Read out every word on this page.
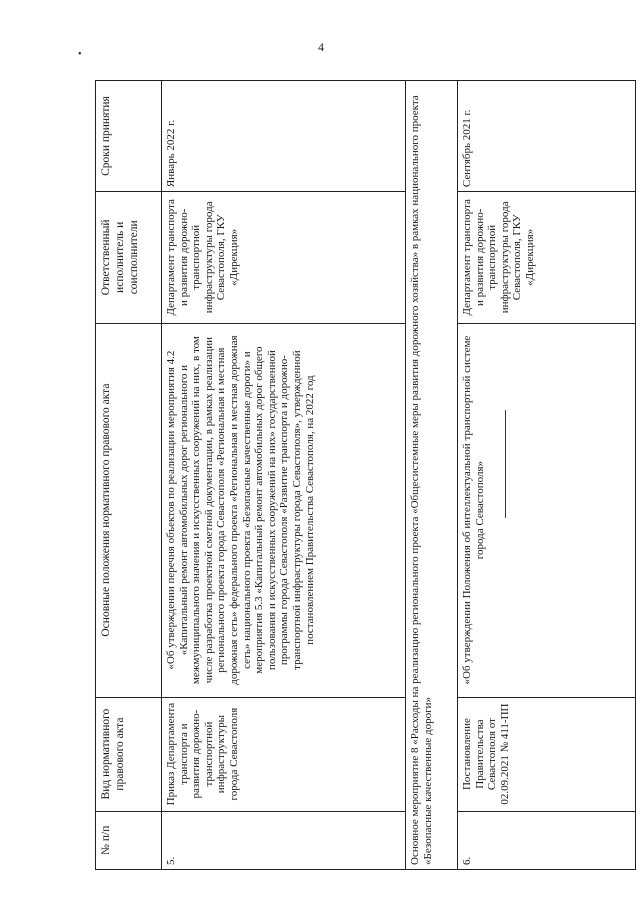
4
•
№ п/п	Вид нормативного правового акта	Основные положения нормативного правового акта	Ответственный исполнитель и соисполнители	Сроки принятия
5.	Приказ Департамента транспорта и развития дорожно-транспортной инфраструктуры города Севастополя	«Об утверждении перечня объектов по реализации мероприятия 4.2 «Капитальный ремонт автомобильных дорог регионального и межмуниципального значения и искусственных сооружений на них, в том числе разработка проектной сметной документации, в рамках реализации регионального проекта города Севастополя «Региональная и местная дорожная сеть» федерального проекта «Региональная и местная дорожная сеть» национального проекта «Безопасные качественные дороги» и мероприятия 5.3 «Капитальный ремонт автомобильных дорог общего пользования и искусственных сооружений на них» государственной программы города Севастополя «Развитие транспорта и дорожно-транспортной инфраструктуры города Севастополя», утвержденной постановлением Правительства Севастополя, на 2022 год	Департамент транспорта и развития дорожно-транспортной инфраструктуры города Севастополя, ГКУ «Дирекция»	Январь 2022 г.
Основное мероприятие 8 «Расходы на реализацию регионального проекта «Общесистемные меры развития дорожного хозяйства» в рамках национального проекта «Безопасные качественные дороги»				
6.	Постановление Правительства Севастополя от 02.09.2021 № 411-ПП	«Об утверждении Положения об интеллектуальной транспортной системе города Севастополя»	Департамент транспорта и развития дорожно-транспортной инфраструктуры города Севастополя, ГКУ «Дирекция»	Сентябрь 2021 г.
